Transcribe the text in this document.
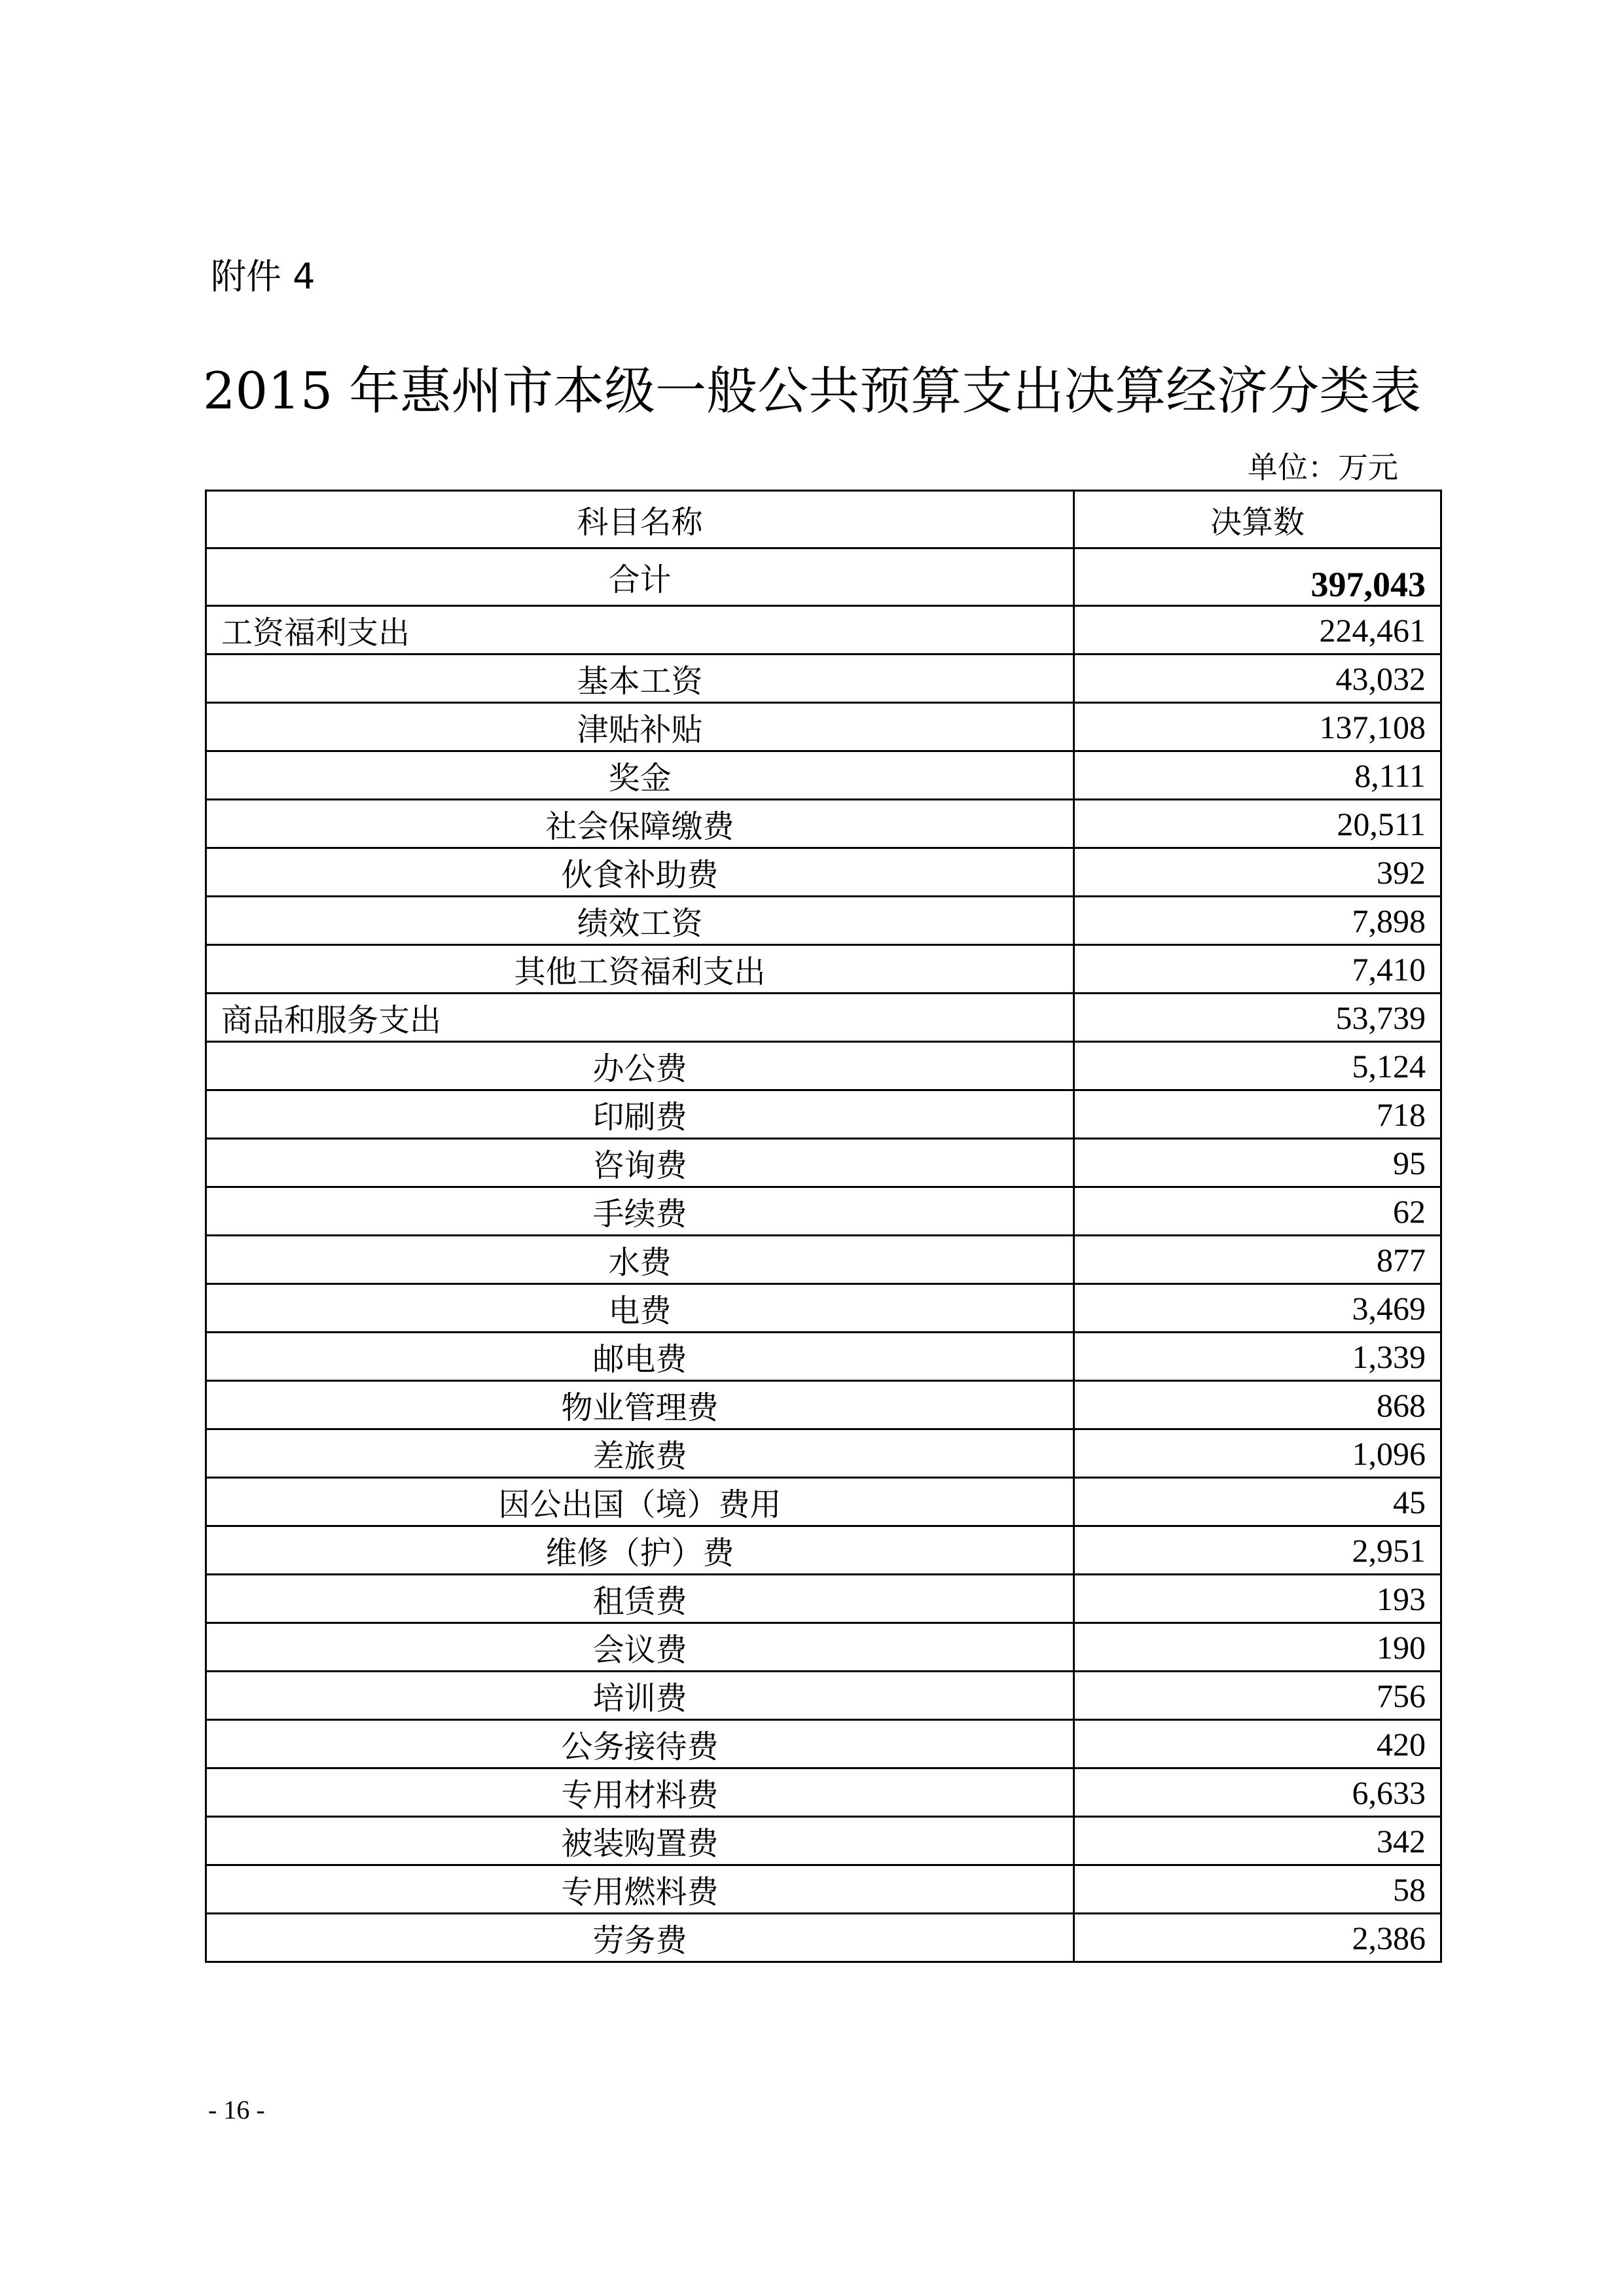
附件 4
2015 年惠州市本级一般公共预算支出决算经济分类表
单位：万元
科目名称	决算数
合计	397,043
工资福利支出	224,461
基本工资	43,032
津贴补贴	137,108
奖金	8,111
社会保障缴费	20,511
伙食补助费	392
绩效工资	7,898
其他工资福利支出	7,410
商品和服务支出	53,739
办公费	5,124
印刷费	718
咨询费	95
手续费	62
水费	877
电费	3,469
邮电费	1,339
物业管理费	868
差旅费	1,096
因公出国（境）费用	45
维修（护）费	2,951
租赁费	193
会议费	190
培训费	756
公务接待费	420
专用材料费	6,633
被装购置费	342
专用燃料费	58
劳务费	2,386
- 16 -
